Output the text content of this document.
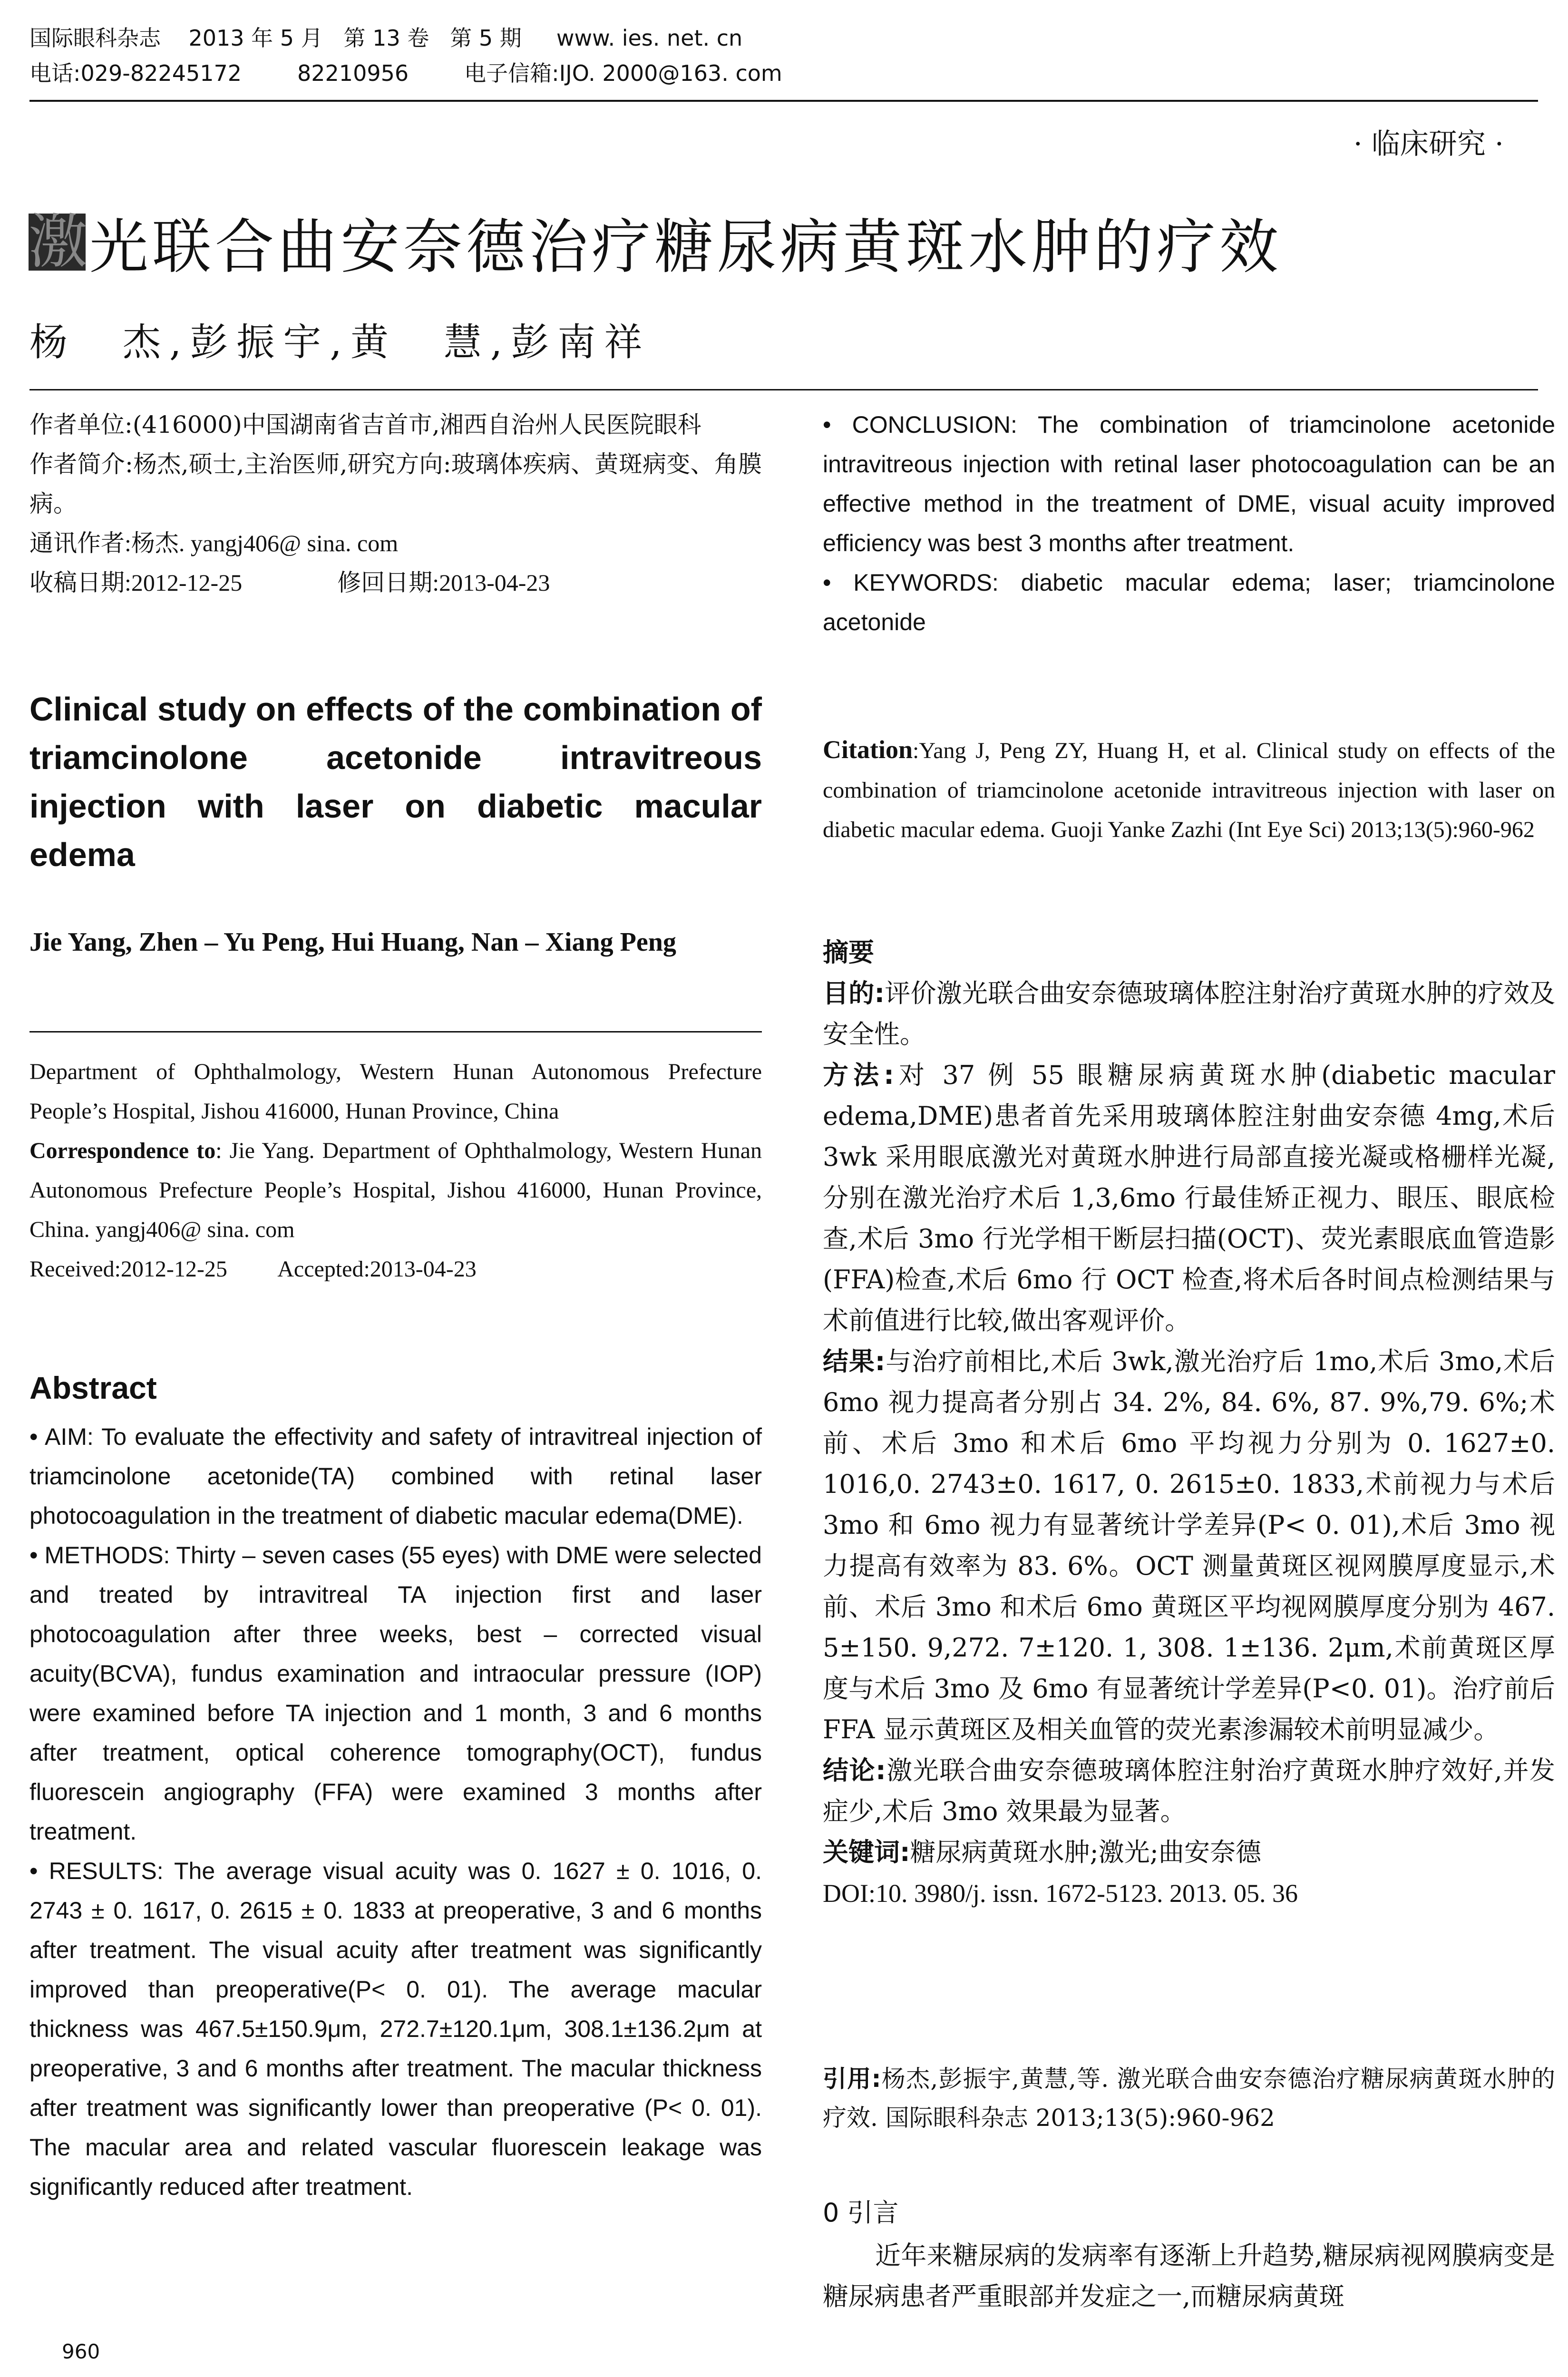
国际眼科杂志    2013 年 5 月   第 13 卷   第 5 期     www. ies. net. cn
电话:029-82245172        82210956        电子信箱:IJO. 2000@163. com
· 临床研究 ·
激
光联合曲安奈德治疗糖尿病黄斑水肿的疗效
杨　杰,彭振宇,黄　慧,彭南祥
作者单位:(416000)中国湖南省吉首市,湘西自治州人民医院眼科
作者简介:杨杰,硕士,主治医师,研究方向:玻璃体疾病、黄斑病变、角膜病。
通讯作者:杨杰. yangj406@ sina. com
收稿日期:2012-12-25　　　　修回日期:2013-04-23
Clinical study on effects of the combination of triamcinolone acetonide intravitreous injection with laser on diabetic macular edema
Jie Yang, Zhen – Yu Peng, Hui Huang, Nan – Xiang Peng
Department of Ophthalmology, Western Hunan Autonomous Prefecture People’s Hospital, Jishou 416000, Hunan Province, China
Correspondence to: Jie Yang. Department of Ophthalmology, Western Hunan Autonomous Prefecture People’s Hospital, Jishou 416000, Hunan Province, China. yangj406@ sina. com
Received:2012-12-25　　 Accepted:2013-04-23
Abstract
• AIM: To evaluate the effectivity and safety of intravitreal injection of triamcinolone acetonide(TA) combined with retinal laser photocoagulation in the treatment of diabetic macular edema(DME).
• METHODS: Thirty – seven cases (55 eyes) with DME were selected and treated by intravitreal TA injection first and laser photocoagulation after three weeks, best – corrected visual acuity(BCVA), fundus examination and intraocular pressure (IOP) were examined before TA injection and 1 month, 3 and 6 months after treatment, optical coherence tomography(OCT), fundus fluorescein angiography (FFA) were examined 3 months after treatment.
• RESULTS: The average visual acuity was 0. 1627 ± 0. 1016, 0. 2743 ± 0. 1617, 0. 2615 ± 0. 1833 at preoperative, 3 and 6 months after treatment. The visual acuity after treatment was significantly improved than preoperative(P< 0. 01). The average macular thickness was 467.5±150.9μm, 272.7±120.1μm, 308.1±136.2μm at preoperative, 3 and 6 months after treatment. The macular thickness after treatment was significantly lower than preoperative (P< 0. 01). The macular area and related vascular fluorescein leakage was significantly reduced after treatment.
• CONCLUSION: The combination of triamcinolone acetonide intravitreous injection with retinal laser photocoagulation can be an effective method in the treatment of DME, visual acuity improved efficiency was best 3 months after treatment.
• KEYWORDS: diabetic macular edema; laser; triamcinolone acetonide
Citation:Yang J, Peng ZY, Huang H, et al. Clinical study on effects of the combination of triamcinolone acetonide intravitreous injection with laser on diabetic macular edema. Guoji Yanke Zazhi (Int Eye Sci) 2013;13(5):960-962
摘要
目的:评价激光联合曲安奈德玻璃体腔注射治疗黄斑水肿的疗效及安全性。
方法:对 37 例 55 眼糖尿病黄斑水肿(diabetic macular edema,DME)患者首先采用玻璃体腔注射曲安奈德 4mg,术后 3wk 采用眼底激光对黄斑水肿进行局部直接光凝或格栅样光凝,分别在激光治疗术后 1,3,6mo 行最佳矫正视力、眼压、眼底检查,术后 3mo 行光学相干断层扫描(OCT)、荧光素眼底血管造影(FFA)检查,术后 6mo 行 OCT 检查,将术后各时间点检测结果与术前值进行比较,做出客观评价。
结果:与治疗前相比,术后 3wk,激光治疗后 1mo,术后 3mo,术后 6mo 视力提高者分别占 34. 2%, 84. 6%, 87. 9%,79. 6%;术前、术后 3mo 和术后 6mo 平均视力分别为 0. 1627±0. 1016,0. 2743±0. 1617, 0. 2615±0. 1833,术前视力与术后 3mo 和 6mo 视力有显著统计学差异(P< 0. 01),术后 3mo 视力提高有效率为 83. 6%。OCT 测量黄斑区视网膜厚度显示,术前、术后 3mo 和术后 6mo 黄斑区平均视网膜厚度分别为 467. 5±150. 9,272. 7±120. 1, 308. 1±136. 2μm,术前黄斑区厚度与术后 3mo 及 6mo 有显著统计学差异(P<0. 01)。治疗前后 FFA 显示黄斑区及相关血管的荧光素渗漏较术前明显减少。
结论:激光联合曲安奈德玻璃体腔注射治疗黄斑水肿疗效好,并发症少,术后 3mo 效果最为显著。
关键词:糖尿病黄斑水肿;激光;曲安奈德
DOI:10. 3980/j. issn. 1672-5123. 2013. 05. 36
引用:杨杰,彭振宇,黄慧,等. 激光联合曲安奈德治疗糖尿病黄斑水肿的疗效. 国际眼科杂志 2013;13(5):960-962
0 引言
近年来糖尿病的发病率有逐渐上升趋势,糖尿病视网膜病变是糖尿病患者严重眼部并发症之一,而糖尿病黄斑
960
